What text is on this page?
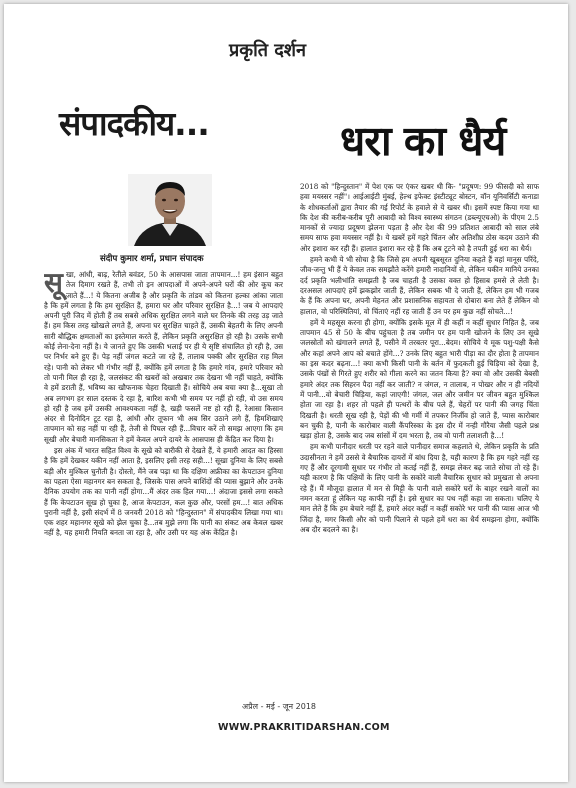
प्रकृति दर्शन
संपादकीय...	धरा का धैर्य
संदीप कुमार शर्मा, प्रधान संपादक

सूखा, आंधी, बाढ़, रेतीले बवंडर, 50 के आसपास जाता तापमान...! हम इंसान बहुत तेज दिमाग रखते हैं, तभी तो इन आपदाओं में अपने-अपने घरों की ओर कूच कर जाते हैं...! ये कितना अजीब है और प्रकृति के तांडव को कितना हल्का आंका जाता है कि हमें लगता है कि हम सुरक्षित हैं, हमारा घर और परिवार सुरक्षित है...! जब ये आपदाएं अपनी पूरी जिद में होती हैं तब सबसे अधिक सुरक्षित लगने वाले घर तिनके की तरह उड़ जाते हैं। हम किस तरह खोखले लगते हैं, अपना घर सुरक्षित चाहते हैं, उसकी बेहतरी के लिए अपनी सारी बौद्धिक क्षमताओं का इस्तेमाल करते हैं, लेकिन प्रकृति असुरक्षित हो रही है। उसके सभी कोई लेना-देना नहीं है। ये जानते हुए कि उसकी भलाई पर ही ये सृष्टि संचालित हो रही है, उस पर निर्भर बने हुए हैं। पेड़ नहीं जंगल कटते जा रहे हैं, तालाब पक्की और सुरक्षित राह मिल रहे। पानी को लेकर भी गंभीर नहीं हैं, क्योंकि हमें लगता है कि हमारे गांव, हमारे परिवार को तो पानी मिल ही रहा है, जलसंकट की खबरों को अखबार तक देखना भी नहीं चाहते, क्योंकि वे हमें डराती हैं, भविष्य का खौफनाक चेहरा दिखाती हैं। सोचिये अब बचा क्या है...सूखा तो अब लगभग हर साल दस्तक दे रहा है, बारिश कभी भी समय पर नहीं हो रही, वो उस समय हो रही है जब हमें उसकी आवश्यकता नहीं है, खड़ी फसलें नष्ट हो रही हैं, रेआसा किसान अंदर से दिनोदिन टूट रहा है, आंधी और तूफान भी अब सिर उठाने लगे हैं, हिमशिखाएं तापमान को सह नहीं पा रही हैं, तेजी से पिघल रही हैं...विचार करें तो समझ आएगा कि हम सूखी और बेचारी मानसिकता ने हमें केवल अपने दायरे के आसपास ही केंद्रित कर दिया है।

इस अंक में भारत सहित विश्व के सूखे को बारीकी से देखते हैं, ये हमारी आदत का हिस्सा है कि हमें देखकर यकीन नहीं आता है, इसलिए इसी तरह सही...! सूखा दुनिया के लिए सबसे बड़ी और मुश्किल चुनौती है। दोस्तो, मैंने जब पढ़ा था कि दक्षिण अफ्रीका का केपटाउन दुनिया का पहला ऐसा महानगर बन सकता है, जिसके पास अपने बाशिंदों की प्यास बुझाने और उनके दैनिक उपयोग तक का पानी नहीं होगा...मैं अंदर तक हिल गया...! अंदाजा इससे लगा सकते हैं कि केपटाउन सूख हो चुका है, आज केपटाउन, कल कुछ और, परसों हम...! बात अधिक पुरानी नहीं है, इसी संदर्भ में 8 जनवरी 2018 को "हिन्दुस्तान" में संपादकीय लिखा गया था। एक शहर महानगर सूखे को झेल चुका है...तब मुझे लगा कि पानी का संकट अब केवल खबर नहीं है, यह हमारी नियति बनता जा रहा है, और उसी पर यह अंक केंद्रित है।

2018 को "हिन्दुस्तान" में पेश एक पर एंकर खबर थी कि- "प्रदूषण: 99 फीसदी को साफ हवा मयस्सर नहीं"। आईआईटी मुंबई, हेल्थ इफेक्ट इंस्टीट्यूट बोस्टन, वॉन यूनिवर्सिटी कनाडा के शोधकर्ताओं द्वारा तैयार की गई रिपोर्ट के हवाले से ये खबर थी। इसमें स्पष्ट किया गया था कि देश की करीब-करीब पूरी आबादी को विश्व स्वास्थ्य संगठन (डब्ल्यूएचओ) के पीएम 2.5 मानकों से ज्यादा प्रदूषण झेलना पड़ता है और देश की 99 प्रतिशत आबादी को साल लंबे समय साफ हवा मयस्सर नहीं है। ये खबरें हमें गहरे चिंतन और अतिशीघ्र ठोस कदम उठाने की ओर इशारा कर रही हैं। हालात इशारा कर रहे हैं कि अब टूटने को है तपती हुई धरा का धैर्य।

हमने कभी ये भी सोचा है कि जिसे हम अपनी खूबसूरत दुनिया कहते हैं वहां मानूस परिंदे, जीव-जन्तु भी हैं ये केवल तक समझौते करेंगे हमारी नादानियों से, लेकिन यकीन मानिये उनका दर्द प्रकृति भलीभांति समझती है जब चाहती है उसका वक्त हो हिसाब हमसे ले लेती है। दरअसल आपदाएं हमें झकझोर जाती हैं, लेकिन सबक भी दे जाती हैं, लेकिन हम भी गजब के हैं कि अपना घर, अपनी मेहनत और प्रशासनिक सहायता से दोबारा बना लेते हैं लेकिन वो हालात, वो परिस्थितियां, वो चिंताएं नहीं रह जाती हैं उन पर हम कुछ नहीं सोचते...!

हमें ये महसूस करना ही होगा, क्योंकि इसके मूल में ही कहीं न कहीं सुधार निहित है, जब तापमान 45 से 50 के बीच पहुंचता है तब जमीन पर हम पानी खोजने के लिए उन सूखे जलस्रोतों को खंगालने लगते हैं, पसीने में तरबतर पूरा...बेदम। सोचिये ये मूक पशु-पक्षी कैसे और कहां अपने आप को बचाते होंगे...? उनके लिए बहुत भारी पीड़ा का दौर होता है तापमान का इस कदर बढ़ना...! क्या कभी किसी पानी के बर्तन में फुदकती हुई चिड़िया को देखा है, उसके पंखों से गिरते हुए शरीर को गीला करने का जतन किया है? क्या वो और उसकी बेबसी हमारे अंदर तक सिहरन पैदा नहीं कर जाती? न जंगल, न तालाब, न पोखर और न ही नदियों में पानी...वो बेचारी चिड़िया, कहां जाएगी! जंगल, जल और जमीन पर जीवन बहुत मुश्किल होता जा रहा है। शहर तो पहले ही पत्थरों के बीच पले हैं, चेहरों पर पानी की जगह चिंता दिखती है। धरती सूख रही है, पेड़ों की भी गर्मी में तपकर निर्जीव हो जाते हैं, प्यास कारोबार बन चुकी है, पानी के कारोबार वाली कैंपरिस्का के इस दौर में नन्ही गौरैया जैसी पहले प्रश्न खड़ा होता है, उसके बाद जब सांसों में दम भरता है, तब वो पानी तलाशती है...!

हम कभी पानीदार धरती पर रहने वाले पानीदार समाज कहलाते थे, लेकिन प्रकृति के प्रति उदासीनता ने हमें उससे वे बैचारिक दायरों में बांध दिया है, यही कारण है कि हम गहरे नहीं रह गए हैं और दूरगामी सुधार पर गंभीर तो कतई नहीं हैं, समझ लेकर बढ़ जाते सोचा तो रहे हैं। यही कारण है कि पक्षियों के लिए पानी के सकोरे वाली वैचारिक सुधार को प्रमुखता से अपना रहे हैं। मैं मौजूदा हालात में मन से मिट्टी के पानी वाले सकोरे घरों के बाहर रखने वालों का नमन करता हूं लेकिन यह काफी नहीं है। इसे सुधार का पथ नहीं कहा जा सकता। चलिए ये मान लेते हैं कि हम बेचारे नहीं हैं, हमारे अंदर कहीं न कहीं सकोरे भर पानी की प्यास आज भी जिंदा है, मगर किसी और को पानी पिलाने से पहले हमें धरा का धैर्य समझना होगा, क्योंकि अब दौर बदलने का है।

अप्रैल - मई - जून 2018
WWW.PRAKRITIDARSHAN.COM
